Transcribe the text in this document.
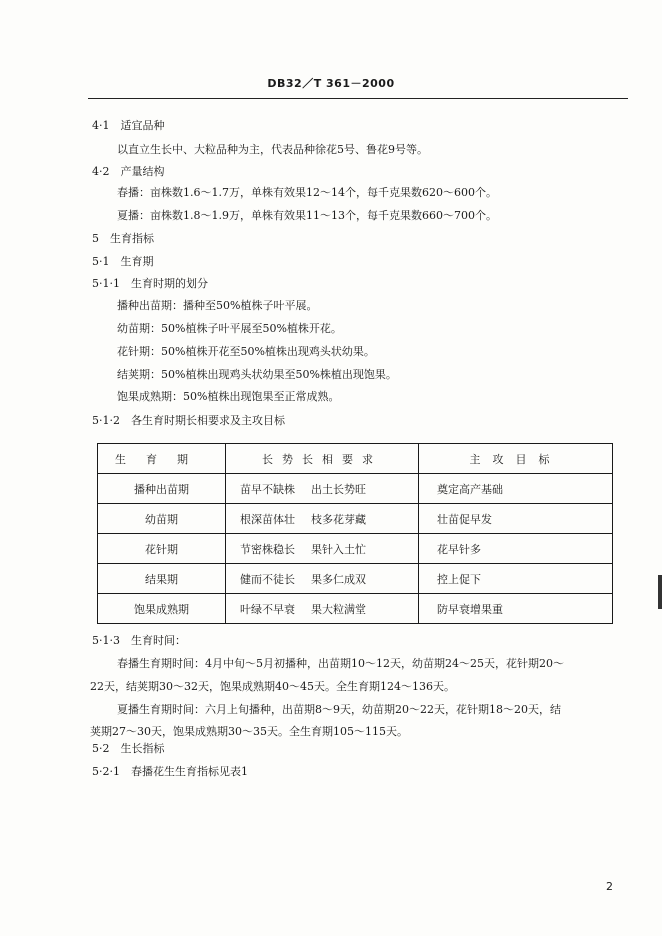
DB32／T 361－2000
4·1　适宜品种
以直立生长中、大粒品种为主，代表品种徐花5号、鲁花9号等。
4·2　产量结构
春播：亩株数1.6～1.7万，单株有效果12～14个，每千克果数620～600个。
夏播：亩株数1.8～1.9万，单株有效果11～13个，每千克果数660～700个。
5　生育指标
5·1　生育期
5·1·1　生育时期的划分
播种出苗期：播种至50%植株子叶平展。
幼苗期：50%植株子叶平展至50%植株开花。
花针期：50%植株开花至50%植株出现鸡头状幼果。
结荚期：50%植株出现鸡头状幼果至50%株植出现饱果。
饱果成熟期：50%植株出现饱果至正常成熟。
5·1·2　各生育时期长相要求及主攻目标
生育期	长势长相要求	主攻目标
播种出苗期	苗早不缺株 出土长势旺	奠定高产基础
幼苗期	根深苗体壮 枝多花芽藏	壮苗促早发
花针期	节密株稳长 果针入土忙	花早针多
结果期	健而不徒长 果多仁成双	控上促下
饱果成熟期	叶绿不早衰 果大粒满堂	防早衰增果重
5·1·3　生育时间：
春播生育期时间：4月中旬～5月初播种，出苗期10～12天，幼苗期24～25天，花针期20～
22天，结荚期30～32天，饱果成熟期40～45天。全生育期124～136天。
夏播生育期时间：六月上旬播种，出苗期8～9天，幼苗期20～22天，花针期18～20天，结
荚期27～30天，饱果成熟期30～35天。全生育期105～115天。
5·2　生长指标
5·2·1　春播花生生育指标见表1
2
